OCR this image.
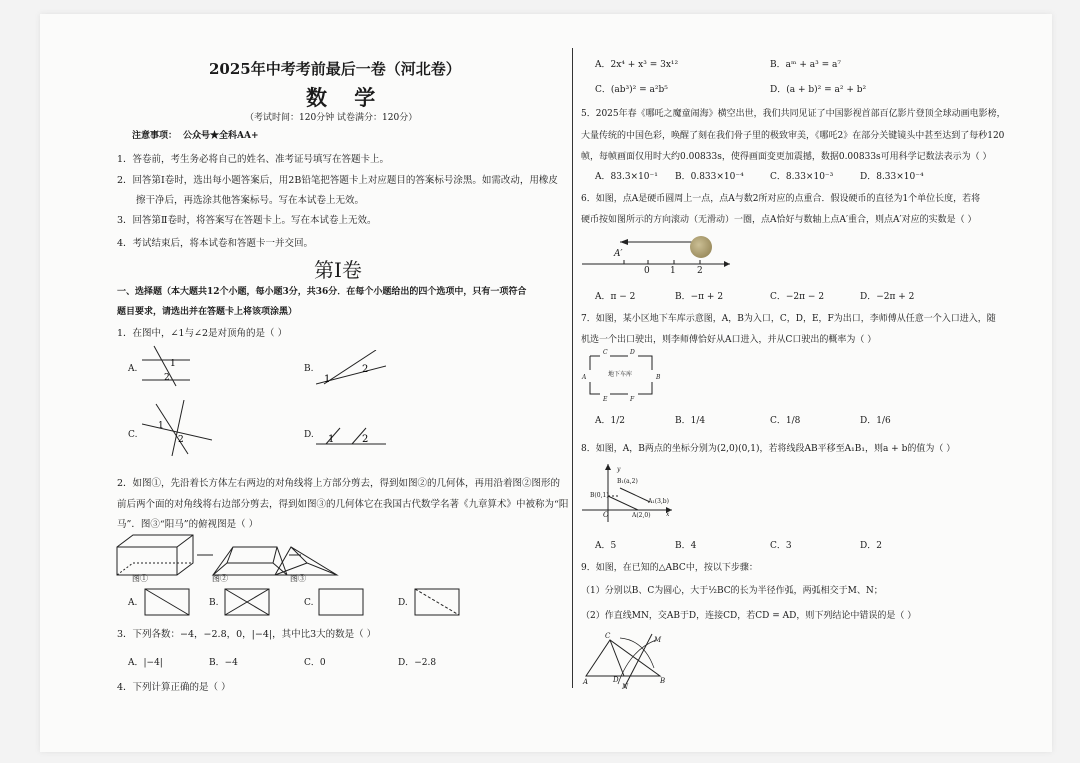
2025年中考考前最后一卷（河北卷）
数 学
（考试时间：120分钟 试卷满分：120分）
注意事项： 公众号★全科AA+
1．答卷前，考生务必将自己的姓名、准考证号填写在答题卡上。
2．回答第Ⅰ卷时，选出每小题答案后，用2B铅笔把答题卡上对应题目的答案标号涂黑。如需改动，用橡皮
擦干净后，再选涂其他答案标号。写在本试卷上无效。
3．回答第Ⅱ卷时，将答案写在答题卡上。写在本试卷上无效。
4．考试结束后，将本试卷和答题卡一并交回。
第Ⅰ卷
一、选择题（本大题共12个小题，每小题3分，共36分．在每个小题给出的四个选项中，只有一项符合
题目要求，请选出并在答题卡上将该项涂黑）
1．在图中，∠1与∠2是对顶角的是（ ）
A.	1
2
B.
1
2
C.
1
2	D. 1	2
2．如图①，先沿着长方体左右两边的对角线将上方部分剪去，得到如图②的几何体，再用沿着图②图形的
前后两个面的对角线将右边部分剪去，得到如图③的几何体它在我国古代数学名著《九章算术》中被称为“阳
马”．图③“阳马”的俯视图是（ ）
图①	图②	图③
A.	B.	C.	D.
3．下列各数：−4，−2.8，0，|−4|，其中比3大的数是（ ）
A．|−4|	B．−4	C．0	D．−2.8
4．下列计算正确的是（ ）
A．2x⁴ + x³ = 3x¹²	B．aᵐ + a³ = a⁷
C．(ab³)² = a²b⁵	D．(a + b)² = a² + b²
5．2025年春《哪吒之魔童闹海》横空出世，我们共同见证了中国影视首部百亿影片登顶全球动画电影榜，
大量传统的中国色彩，唤醒了刻在我们骨子里的极致审美，《哪吒2》在部分关键镜头中甚至达到了每秒120
帧，每帧画面仅用时大约0.00833s，使得画面变更加震撼，数据0.00833s可用科学记数法表示为（ ）
A．83.3×10⁻¹ B．0.833×10⁻⁴	C．8.33×10⁻³	D．8.33×10⁻⁴
6．如图，点A是硬币圆周上一点，点A与数2所对应的点重合．假设硬币的直径为1个单位长度，若将
硬币按如图所示的方向滚动（无滑动）一圈，点A恰好与数轴上点A′重合，则点A′对应的实数是（ ）
A′
0 1 2
A．π − 2	B．−π + 2	C．−2π − 2	D．−2π + 2
7．如图，某小区地下车库示意图，A，B为入口，C，D，E，F为出口，李师傅从任意一个入口进入，随
机选一个出口驶出，则李师傅恰好从A口进入，并从C口驶出的概率为（ ）
地下车库
C	D
A	B
E	F
A．1/2	B．1/4	C．1/8	D．1/6
8．如图，A，B两点的坐标分别为(2,0)(0,1)，若将线段AB平移至A₁B₁，则a + b的值为（ ）
y
B₁(a,2)
B(0,1)
A₁(3,b)
O	A(2,0)	x
A．5	B．4	C．3	D．2
9．如图，在已知的△ABC中，按以下步骤：
（1）分别以B、C为圆心，大于½BC的长为半径作弧，两弧相交于M、N；
（2）作直线MN，交AB于D，连接CD，若CD = AD，则下列结论中错误的是（ ）
C	M
A	D
N
B
